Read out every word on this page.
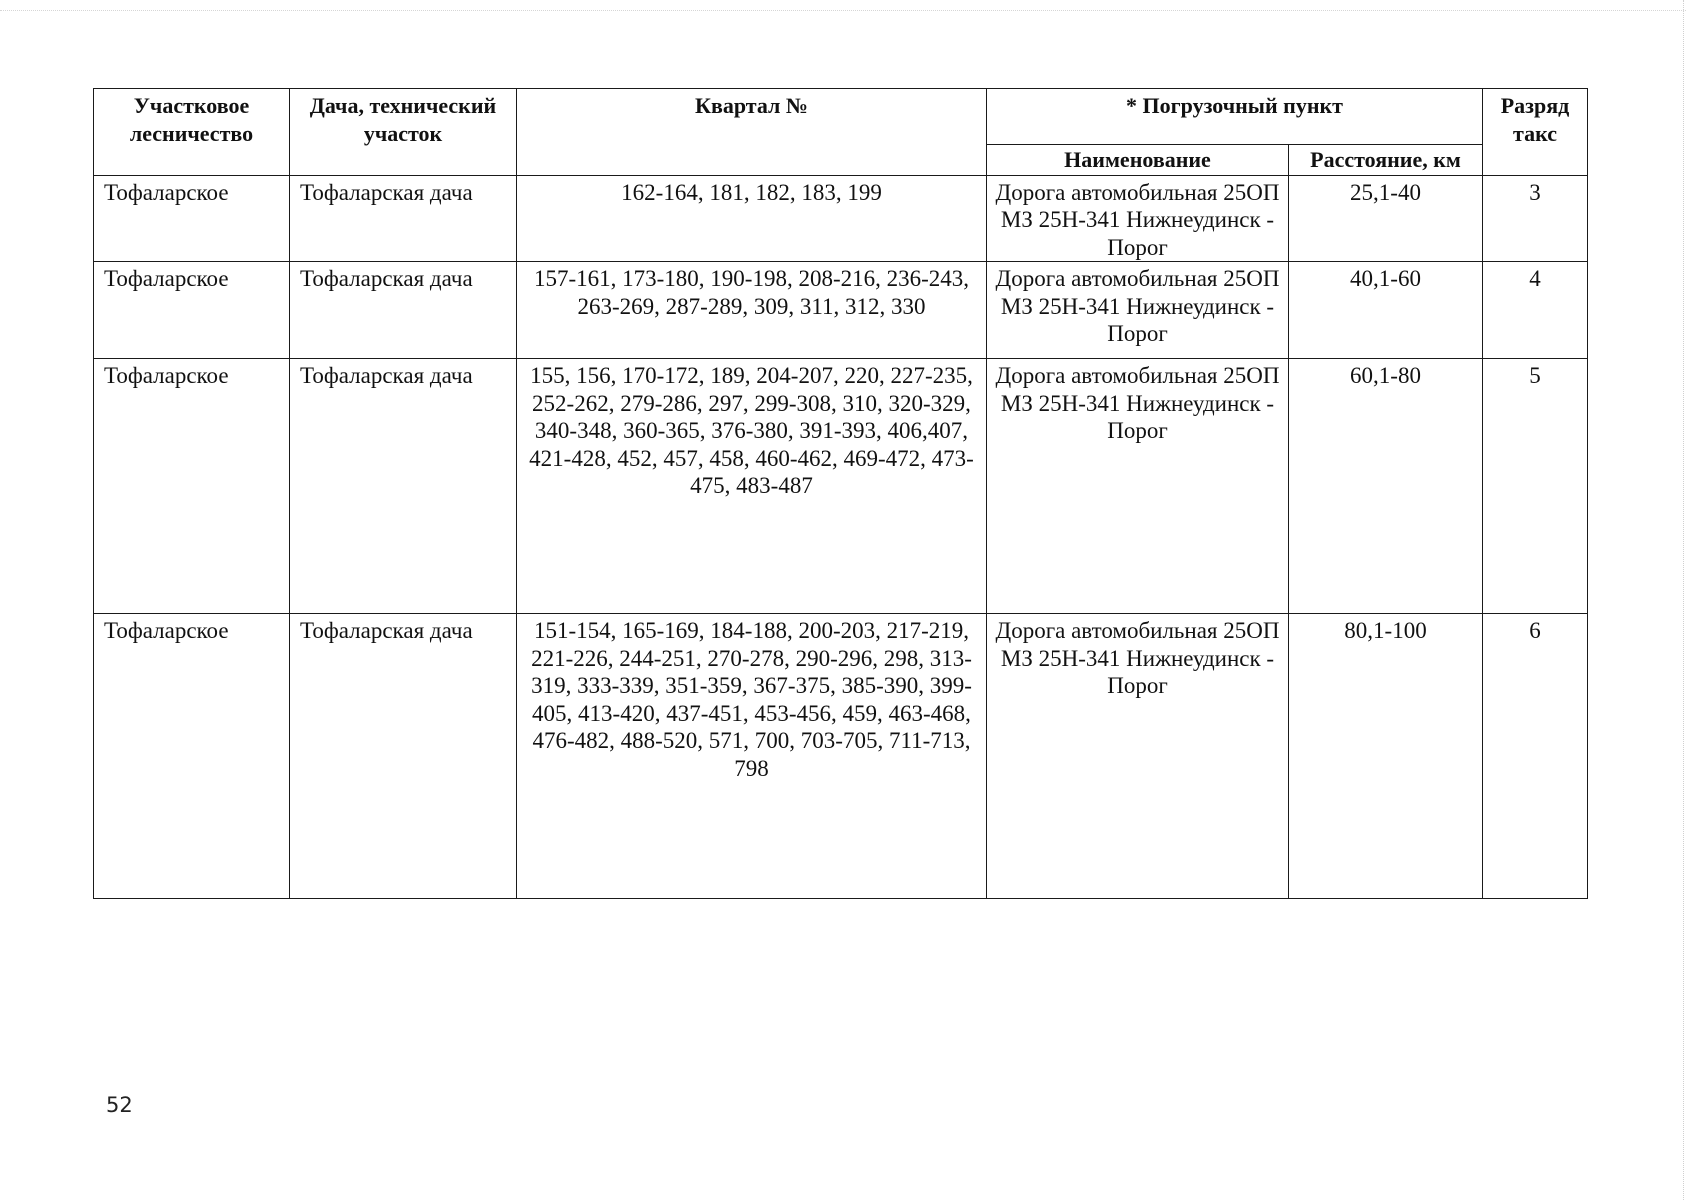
Участковое лесничество	Дача, технический участок	Квартал №	* Погрузочный пункт		Разряд такс
			Наименование	Расстояние, км	
Тофаларское	Тофаларская дача	162-164, 181, 182, 183, 199	Дорога автомобильная 25ОП МЗ 25Н-341 Нижнеудинск - Порог	25,1-40	3
Тофаларское	Тофаларская дача	157-161, 173-180, 190-198, 208-216, 236-243, 263-269, 287-289, 309, 311, 312, 330	Дорога автомобильная 25ОП МЗ 25Н-341 Нижнеудинск - Порог	40,1-60	4
Тофаларское	Тофаларская дача	155, 156, 170-172, 189, 204-207, 220, 227-235, 252-262, 279-286, 297, 299-308, 310, 320-329, 340-348, 360-365, 376-380, 391-393, 406,407, 421-428, 452, 457, 458, 460-462, 469-472, 473-475, 483-487	Дорога автомобильная 25ОП МЗ 25Н-341 Нижнеудинск - Порог	60,1-80	5
Тофаларское	Тофаларская дача	151-154, 165-169, 184-188, 200-203, 217-219, 221-226, 244-251, 270-278, 290-296, 298, 313-319, 333-339, 351-359, 367-375, 385-390, 399-405, 413-420, 437-451, 453-456, 459, 463-468, 476-482, 488-520, 571, 700, 703-705, 711-713, 798	Дорога автомобильная 25ОП МЗ 25Н-341 Нижнеудинск - Порог	80,1-100	6
52
